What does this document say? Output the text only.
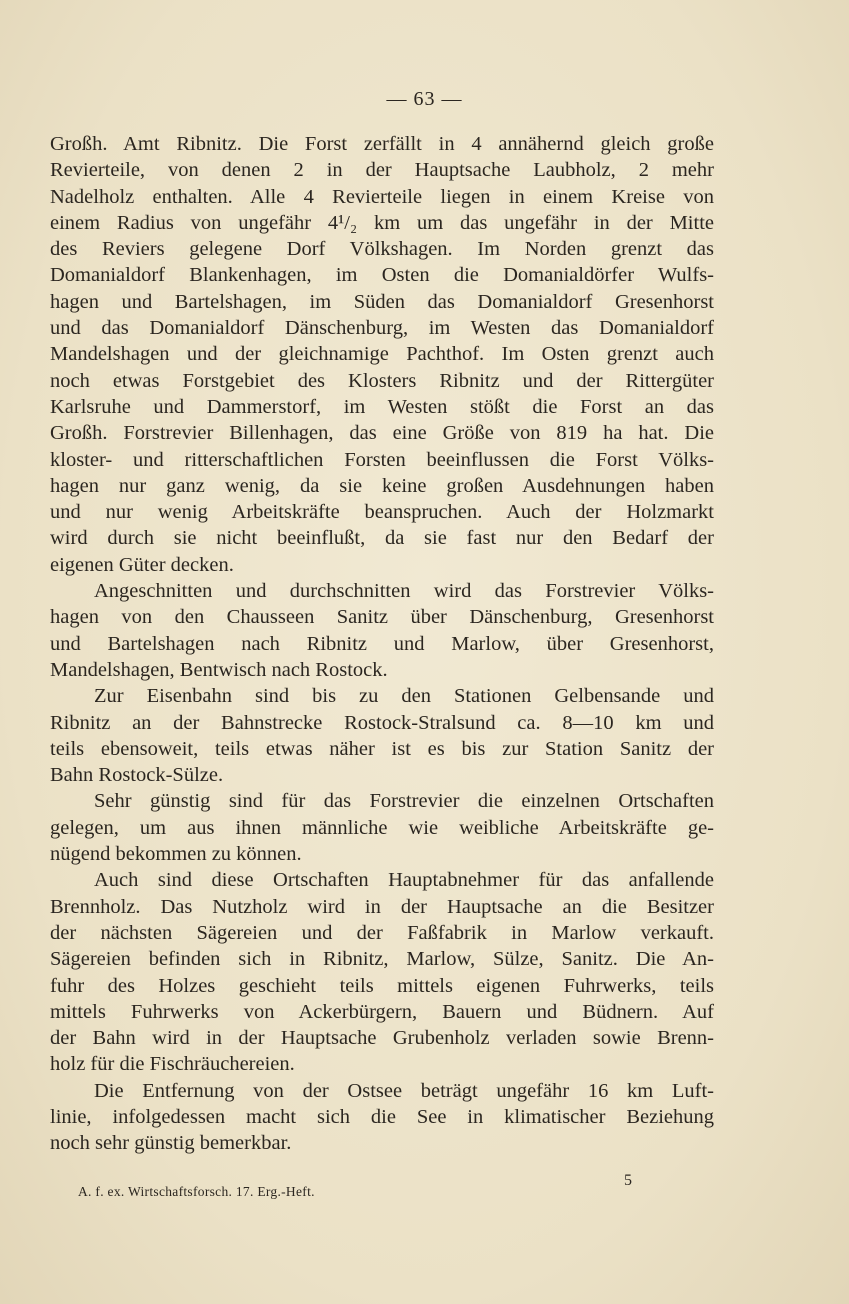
— 63 —
Großh. Amt Ribnitz. Die Forst zerfällt in 4 annähernd gleich große
Revierteile, von denen 2 in der Hauptsache Laubholz, 2 mehr
Nadelholz enthalten. Alle 4 Revierteile liegen in einem Kreise von
einem Radius von ungefähr 4¹/₂ km um das ungefähr in der Mitte
des Reviers gelegene Dorf Völkshagen. Im Norden grenzt das
Domanialdorf Blankenhagen, im Osten die Domanialdörfer Wulfs-
hagen und Bartelshagen, im Süden das Domanialdorf Gresenhorst
und das Domanialdorf Dänschenburg, im Westen das Domanialdorf
Mandelshagen und der gleichnamige Pachthof. Im Osten grenzt auch
noch etwas Forstgebiet des Klosters Ribnitz und der Rittergüter
Karlsruhe und Dammerstorf, im Westen stößt die Forst an das
Großh. Forstrevier Billenhagen, das eine Größe von 819 ha hat. Die
kloster- und ritterschaftlichen Forsten beeinflussen die Forst Völks-
hagen nur ganz wenig, da sie keine großen Ausdehnungen haben
und nur wenig Arbeitskräfte beanspruchen. Auch der Holzmarkt
wird durch sie nicht beeinflußt, da sie fast nur den Bedarf der
eigenen Güter decken.
Angeschnitten und durchschnitten wird das Forstrevier Völks-
hagen von den Chausseen Sanitz über Dänschenburg, Gresenhorst
und Bartelshagen nach Ribnitz und Marlow, über Gresenhorst,
Mandelshagen, Bentwisch nach Rostock.
Zur Eisenbahn sind bis zu den Stationen Gelbensande und
Ribnitz an der Bahnstrecke Rostock-Stralsund ca. 8—10 km und
teils ebensoweit, teils etwas näher ist es bis zur Station Sanitz der
Bahn Rostock-Sülze.
Sehr günstig sind für das Forstrevier die einzelnen Ortschaften
gelegen, um aus ihnen männliche wie weibliche Arbeitskräfte ge-
nügend bekommen zu können.
Auch sind diese Ortschaften Hauptabnehmer für das anfallende
Brennholz. Das Nutzholz wird in der Hauptsache an die Besitzer
der nächsten Sägereien und der Faßfabrik in Marlow verkauft.
Sägereien befinden sich in Ribnitz, Marlow, Sülze, Sanitz. Die An-
fuhr des Holzes geschieht teils mittels eigenen Fuhrwerks, teils
mittels Fuhrwerks von Ackerbürgern, Bauern und Büdnern. Auf
der Bahn wird in der Hauptsache Grubenholz verladen sowie Brenn-
holz für die Fischräuchereien.
Die Entfernung von der Ostsee beträgt ungefähr 16 km Luft-
linie, infolgedessen macht sich die See in klimatischer Beziehung
noch sehr günstig bemerkbar.
A. f. ex. Wirtschaftsforsch. 17. Erg.-Heft.
5
